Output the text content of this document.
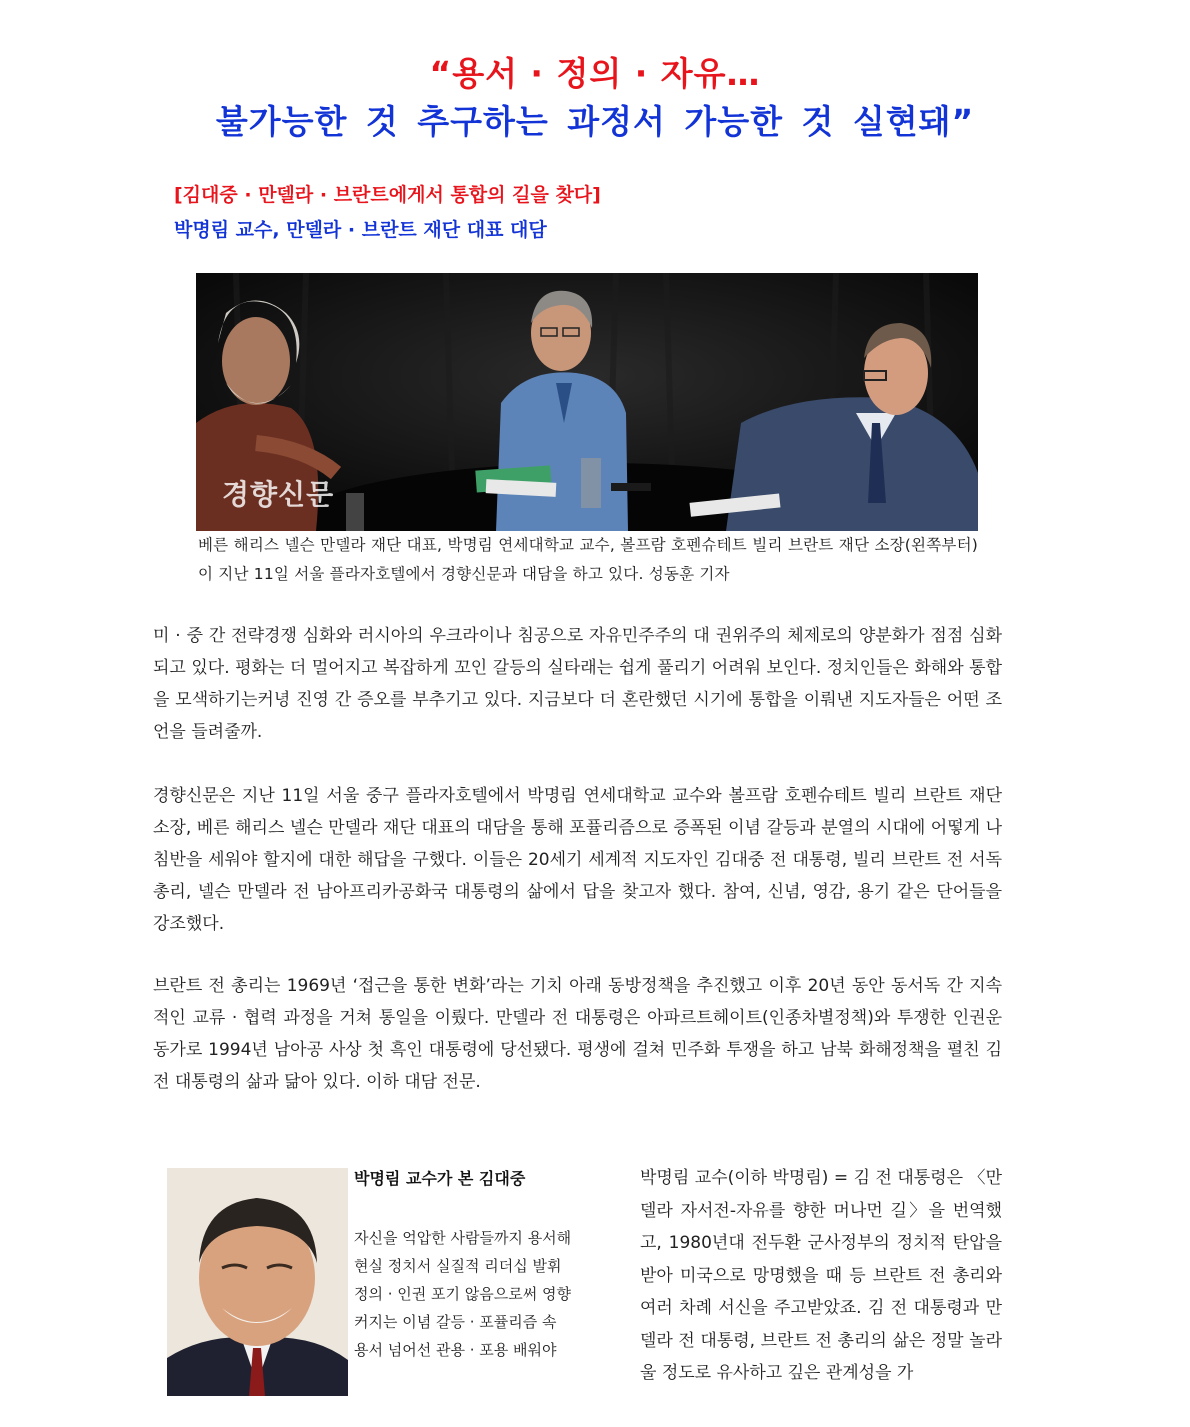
“용서 · 정의 · 자유…
불가능한 것 추구하는 과정서 가능한 것 실현돼”
[김대중 · 만델라 · 브란트에게서 통합의 길을 찾다]
박명림 교수, 만델라 · 브란트 재단 대표 대담
경향신문
베른 해리스 넬슨 만델라 재단 대표, 박명림 연세대학교 교수, 볼프람 호펜슈테트 빌리 브란트 재단 소장(왼쪽부터)이 지난 11일 서울 플라자호텔에서 경향신문과 대담을 하고 있다. 성동훈 기자

미 · 중 간 전략경쟁 심화와 러시아의 우크라이나 침공으로 자유민주주의 대 권위주의 체제로의 양분화가 점점 심화되고 있다. 평화는 더 멀어지고 복잡하게 꼬인 갈등의 실타래는 쉽게 풀리기 어려워 보인다. 정치인들은 화해와 통합을 모색하기는커녕 진영 간 증오를 부추기고 있다. 지금보다 더 혼란했던 시기에 통합을 이뤄낸 지도자들은 어떤 조언을 들려줄까.

경향신문은 지난 11일 서울 중구 플라자호텔에서 박명림 연세대학교 교수와 볼프람 호펜슈테트 빌리 브란트 재단 소장, 베른 해리스 넬슨 만델라 재단 대표의 대담을 통해 포퓰리즘으로 증폭된 이념 갈등과 분열의 시대에 어떻게 나침반을 세워야 할지에 대한 해답을 구했다. 이들은 20세기 세계적 지도자인 김대중 전 대통령, 빌리 브란트 전 서독 총리, 넬슨 만델라 전 남아프리카공화국 대통령의 삶에서 답을 찾고자 했다. 참여, 신념, 영감, 용기 같은 단어들을 강조했다.

브란트 전 총리는 1969년 ‘접근을 통한 변화’라는 기치 아래 동방정책을 추진했고 이후 20년 동안 동서독 간 지속적인 교류 · 협력 과정을 거쳐 통일을 이뤘다. 만델라 전 대통령은 아파르트헤이트(인종차별정책)와 투쟁한 인권운동가로 1994년 남아공 사상 첫 흑인 대통령에 당선됐다. 평생에 걸쳐 민주화 투쟁을 하고 남북 화해정책을 펼친 김 전 대통령의 삶과 닮아 있다. 이하 대담 전문.

박명림 교수가 본 김대중
자신을 억압한 사람들까지 용서해
현실 정치서 실질적 리더십 발휘
정의 · 인권 포기 않음으로써 영향
커지는 이념 갈등 · 포퓰리즘 속
용서 넘어선 관용 · 포용 배워야

박명림 교수(이하 박명림) = 김 전 대통령은 〈만델라 자서전-자유를 향한 머나먼 길〉을 번역했고, 1980년대 전두환 군사정부의 정치적 탄압을 받아 미국으로 망명했을 때 등 브란트 전 총리와 여러 차례 서신을 주고받았죠. 김 전 대통령과 만델라 전 대통령, 브란트 전 총리의 삶은 정말 놀라울 정도로 유사하고 깊은 관계성을 가
